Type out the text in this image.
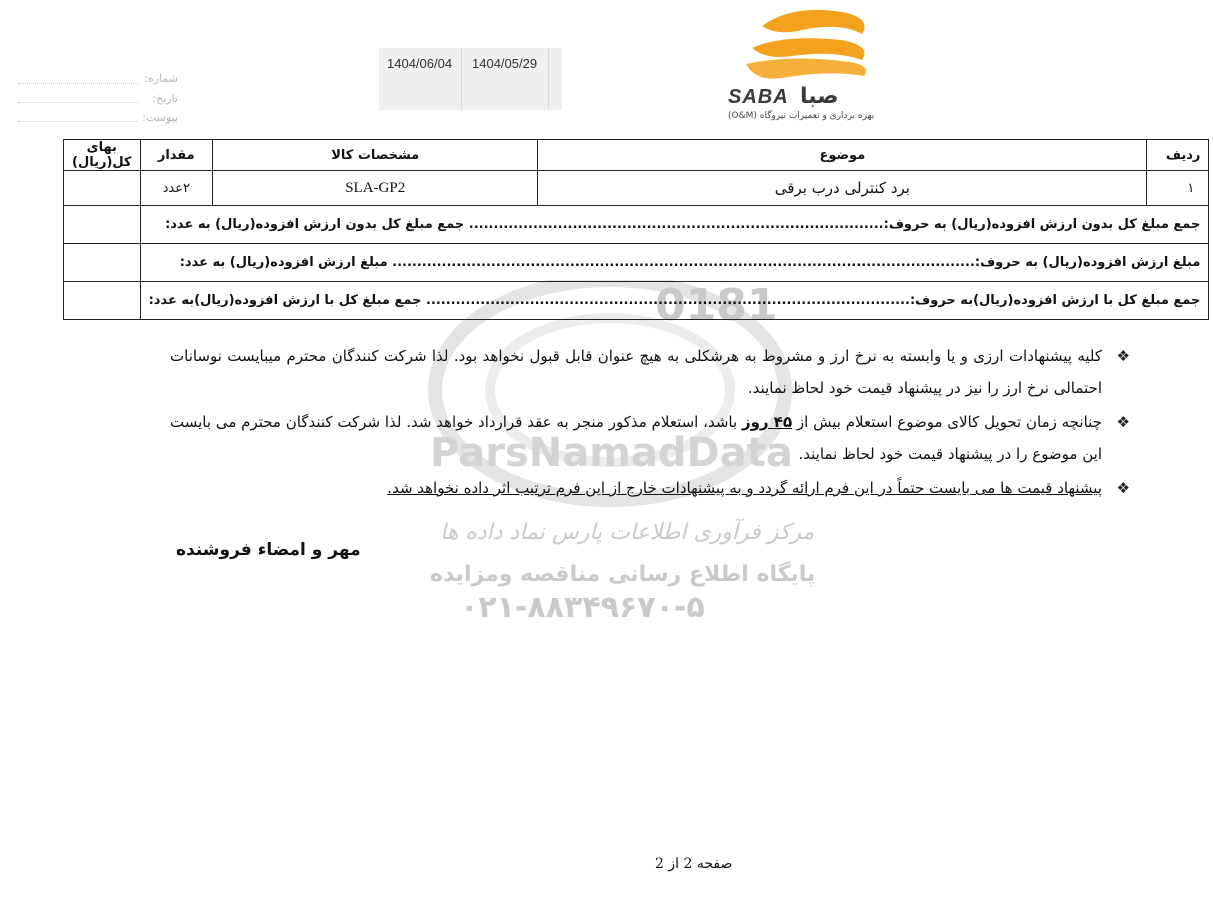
0181
ParsNamadData
مرکز فرآوری اطلاعات پارس نماد داده ها
پایگاه اطلاع رسانی مناقصه ومزایده
۰۲۱-۸۸۳۴۹۶۷۰-۵
1404/06/04 1404/05/29
شماره:
تاریخ:
پیوست:
SABA صبا
بهره برداری و تعمیرات نیروگاه (O&M)
ردیف	موضوع	مشخصات کالا	مقدار	بهای کل(ریال)
۱	برد کنترلی درب برقی	SLA-GP2	۲عدد	
جمع مبلغ کل بدون ارزش افزوده(ریال) به حروف:.................................................................................... جمع مبلغ کل بدون ارزش افزوده(ریال) به عدد:				
مبلغ ارزش افزوده(ریال) به حروف:...................................................................................................................... مبلغ ارزش افزوده(ریال) به عدد:				
جمع مبلغ کل با ارزش افزوده(ریال)به حروف:.................................................................................................. جمع مبلغ کل با ارزش افزوده(ریال)به عدد:				

❖
کلیه پیشنهادات ارزی و یا وابسته به نرخ ارز و مشروط به هرشکلی به هیچ عنوان قابل قبول نخواهد بود. لذا شرکت کنندگان محترم میبایست نوسانات احتمالی نرخ ارز را نیز در پیشنهاد قیمت خود لحاظ نمایند.

❖
چنانچه زمان تحویل کالای موضوع استعلام بیش از ۴۵ روز باشد، استعلام مذکور منجر به عقد قرارداد خواهد شد. لذا شرکت کنندگان محترم می بایست این موضوع را در پیشنهاد قیمت خود لحاظ نمایند.

❖
پیشنهاد قیمت ها می بایست حتماً در این فرم ارائه گردد و به پیشنهادات خارج از این فرم ترتیب اثر داده نخواهد شد.

مهر و امضاء فروشنده
صفحه 2 از 2
